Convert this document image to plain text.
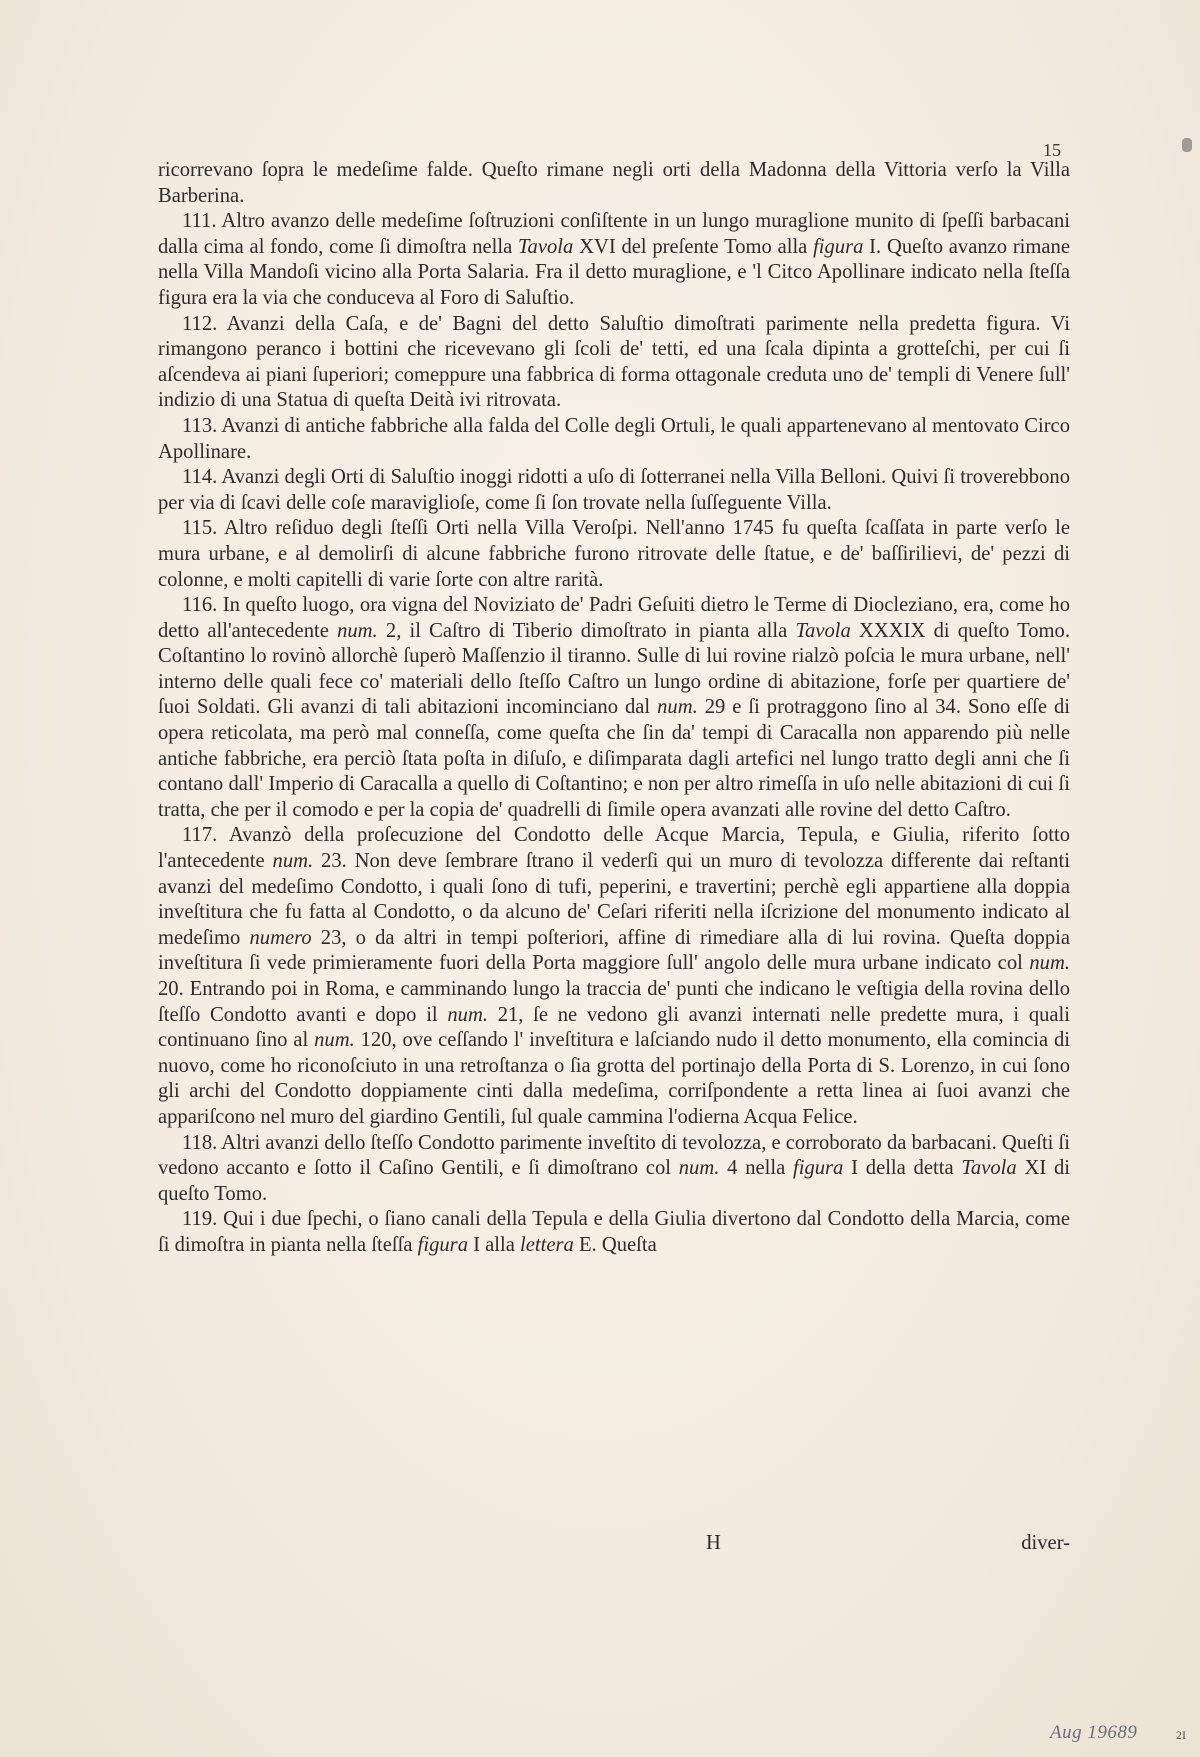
15

ricorrevano ſopra le medeſime falde. Queſto rimane negli orti della Madonna della Vittoria verſo la Villa Barberina.

111. Altro avanzo delle medeſime ſoſtruzioni conſiſtente in un lungo muraglione munito di ſpeſſi barbacani dalla cima al fondo, come ſi dimoſtra nella Tavola XVI del preſente Tomo alla figura I. Queſto avanzo rimane nella Villa Mandoſi vicino alla Porta Salaria. Fra il detto muraglione, e 'l Citco Apollinare indicato nella ſteſſa figura era la via che conduceva al Foro di Saluſtio.

112. Avanzi della Caſa, e de' Bagni del detto Saluſtio dimoſtrati parimente nella predetta figura. Vi rimangono peranco i bottini che ricevevano gli ſcoli de' tetti, ed una ſcala dipinta a grotteſchi, per cui ſi aſcendeva ai piani ſuperiori; comeppure una fabbrica di forma ottagonale creduta uno de' templi di Venere ſull' indizio di una Statua di queſta Deità ivi ritrovata.

113. Avanzi di antiche fabbriche alla falda del Colle degli Ortuli, le quali appartenevano al mentovato Circo Apollinare.

114. Avanzi degli Orti di Saluſtio inoggi ridotti a uſo di ſotterranei nella Villa Belloni. Quivi ſi troverebbono per via di ſcavi delle coſe maraviglioſe, come ſi ſon trovate nella ſuſſeguente Villa.

115. Altro reſiduo degli ſteſſi Orti nella Villa Veroſpi. Nell'anno 1745 fu queſta ſcaſſata in parte verſo le mura urbane, e al demolirſi di alcune fabbriche furono ritrovate delle ſtatue, e de' baſſirilievi, de' pezzi di colonne, e molti capitelli di varie ſorte con altre rarità.

116. In queſto luogo, ora vigna del Noviziato de' Padri Geſuiti dietro le Terme di Diocleziano, era, come ho detto all'antecedente num. 2, il Caſtro di Tiberio dimoſtrato in pianta alla Tavola XXXIX di queſto Tomo. Coſtantino lo rovinò allorchè ſuperò Maſſenzio il tiranno. Sulle di lui rovine rialzò poſcia le mura urbane, nell' interno delle quali fece co' materiali dello ſteſſo Caſtro un lungo ordine di abitazione, forſe per quartiere de' ſuoi Soldati. Gli avanzi di tali abitazioni incominciano dal num. 29 e ſi protraggono ſino al 34. Sono eſſe di opera reticolata, ma però mal conneſſa, come queſta che ſin da' tempi di Caracalla non apparendo più nelle antiche fabbriche, era perciò ſtata poſta in diſuſo, e diſimparata dagli artefici nel lungo tratto degli anni che ſi contano dall' Imperio di Caracalla a quello di Coſtantino; e non per altro rimeſſa in uſo nelle abitazioni di cui ſi tratta, che per il comodo e per la copia de' quadrelli di ſimile opera avanzati alle rovine del detto Caſtro.

117. Avanzò della proſecuzione del Condotto delle Acque Marcia, Tepula, e Giulia, riferito ſotto l'antecedente num. 23. Non deve ſembrare ſtrano il vederſi qui un muro di tevolozza differente dai reſtanti avanzi del medeſimo Condotto, i quali ſono di tufi, peperini, e travertini; perchè egli appartiene alla doppia inveſtitura che fu fatta al Condotto, o da alcuno de' Ceſari riferiti nella iſcrizione del monumento indicato al medeſimo numero 23, o da altri in tempi poſteriori, affine di rimediare alla di lui rovina. Queſta doppia inveſtitura ſi vede primieramente fuori della Porta maggiore ſull' angolo delle mura urbane indicato col num. 20. Entrando poi in Roma, e camminando lungo la traccia de' punti che indicano le veſtigia della rovina dello ſteſſo Condotto avanti e dopo il num. 21, ſe ne vedono gli avanzi internati nelle predette mura, i quali continuano ſino al num. 120, ove ceſſando l' inveſtitura e laſciando nudo il detto monumento, ella comincia di nuovo, come ho riconoſciuto in una retroſtanza o ſia grotta del portinajo della Porta di S. Lorenzo, in cui ſono gli archi del Condotto doppiamente cinti dalla medeſima, corriſpondente a retta linea ai ſuoi avanzi che appariſcono nel muro del giardino Gentili, ſul quale cammina l'odierna Acqua Felice.

118. Altri avanzi dello ſteſſo Condotto parimente inveſtito di tevolozza, e corroborato da barbacani. Queſti ſi vedono accanto e ſotto il Caſino Gentili, e ſi dimoſtrano col num. 4 nella figura I della detta Tavola XI di queſto Tomo.

119. Qui i due ſpechi, o ſiano canali della Tepula e della Giulia divertono dal Condotto della Marcia, come ſi dimoſtra in pianta nella ſteſſa figura I alla lettera E. Queſta

H	diver-
Aug 19689	2I
